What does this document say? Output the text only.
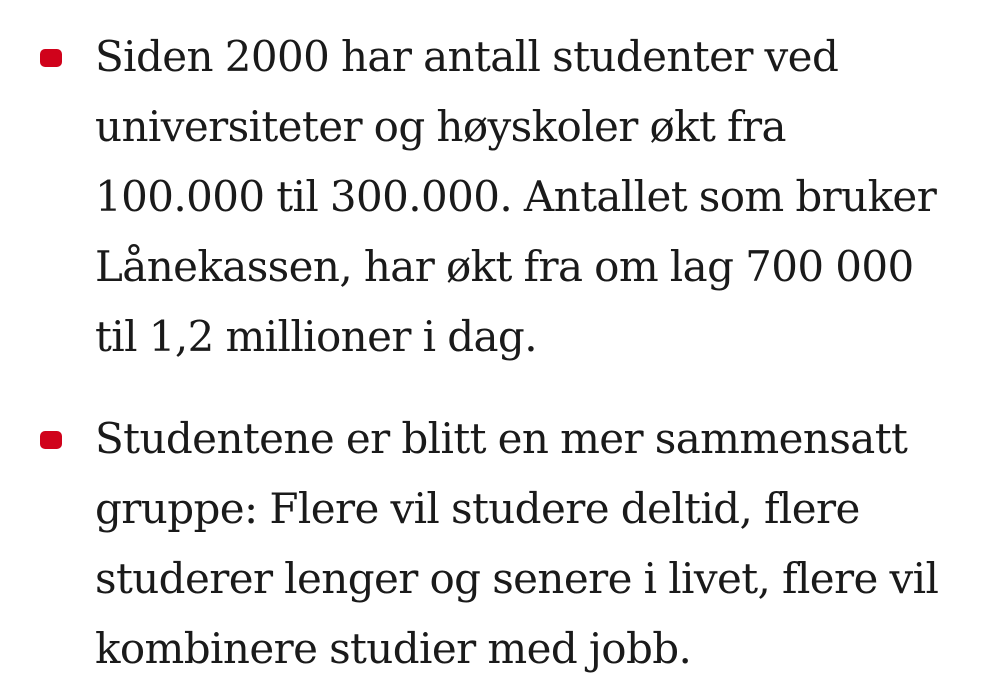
Siden 2000 har antall studenter ved
universiteter og høyskoler økt fra
100.000 til 300.000. Antallet som bruker
Lånekassen, har økt fra om lag 700 000
til 1,2 millioner i dag.
Studentene er blitt en mer sammensatt
gruppe: Flere vil studere deltid, flere
studerer lenger og senere i livet, flere vil
kombinere studier med jobb.
